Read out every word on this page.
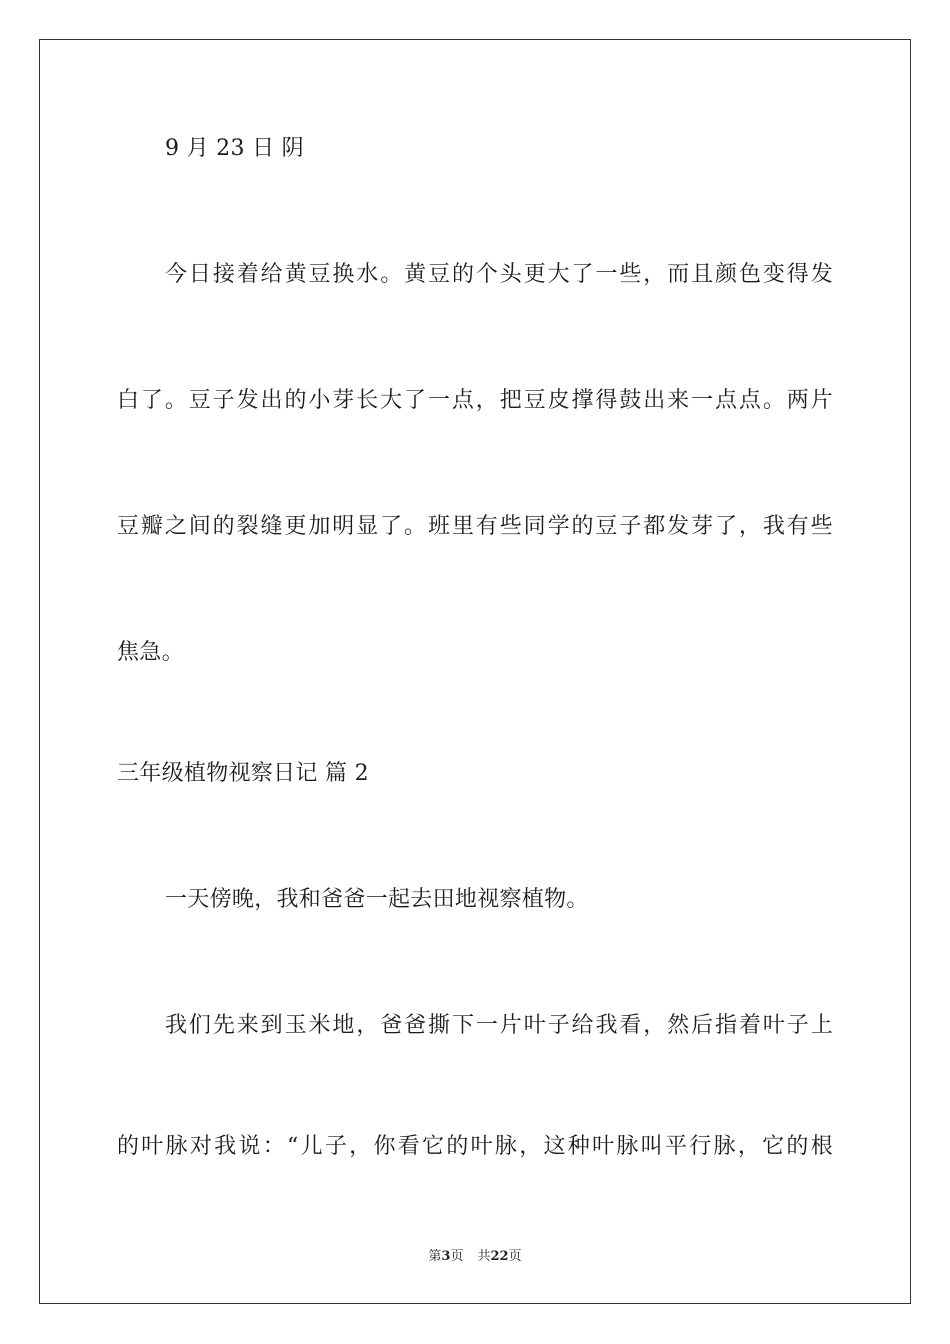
9 月 23 日 阴
今日接着给黄豆换水。黄豆的个头更大了一些，而且颜色变得发
白了。豆子发出的小芽长大了一点，把豆皮撑得鼓出来一点点。两片
豆瓣之间的裂缝更加明显了。班里有些同学的豆子都发芽了，我有些
焦急。
三年级植物视察日记 篇 2
一天傍晚，我和爸爸一起去田地视察植物。
我们先来到玉米地，爸爸撕下一片叶子给我看，然后指着叶子上
的叶脉对我说：“儿子，你看它的叶脉，这种叶脉叫平行脉，它的根
第3页 共22页
